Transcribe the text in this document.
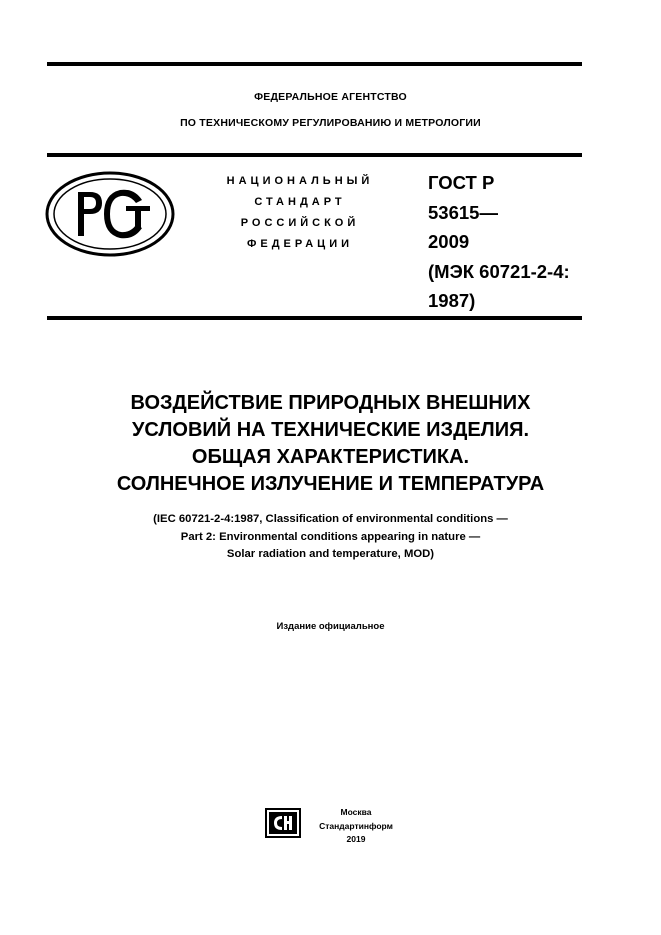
ФЕДЕРАЛЬНОЕ АГЕНТСТВО
ПО ТЕХНИЧЕСКОМУ РЕГУЛИРОВАНИЮ И МЕТРОЛОГИИ
НАЦИОНАЛЬНЫЙ
СТАНДАРТ
РОССИЙСКОЙ
ФЕДЕРАЦИИ
ГОСТ Р
53615—
2009
(МЭК 60721-2-4:
1987)
ВОЗДЕЙСТВИЕ ПРИРОДНЫХ ВНЕШНИХ
УСЛОВИЙ НА ТЕХНИЧЕСКИЕ ИЗДЕЛИЯ.
ОБЩАЯ ХАРАКТЕРИСТИКА.
СОЛНЕЧНОЕ ИЗЛУЧЕНИЕ И ТЕМПЕРАТУРА
(IEC 60721-2-4:1987, Classification of environmental conditions —
Part 2: Environmental conditions appearing in nature —
Solar radiation and temperature, MOD)
Издание официальное
Москва
Стандартинформ
2019
